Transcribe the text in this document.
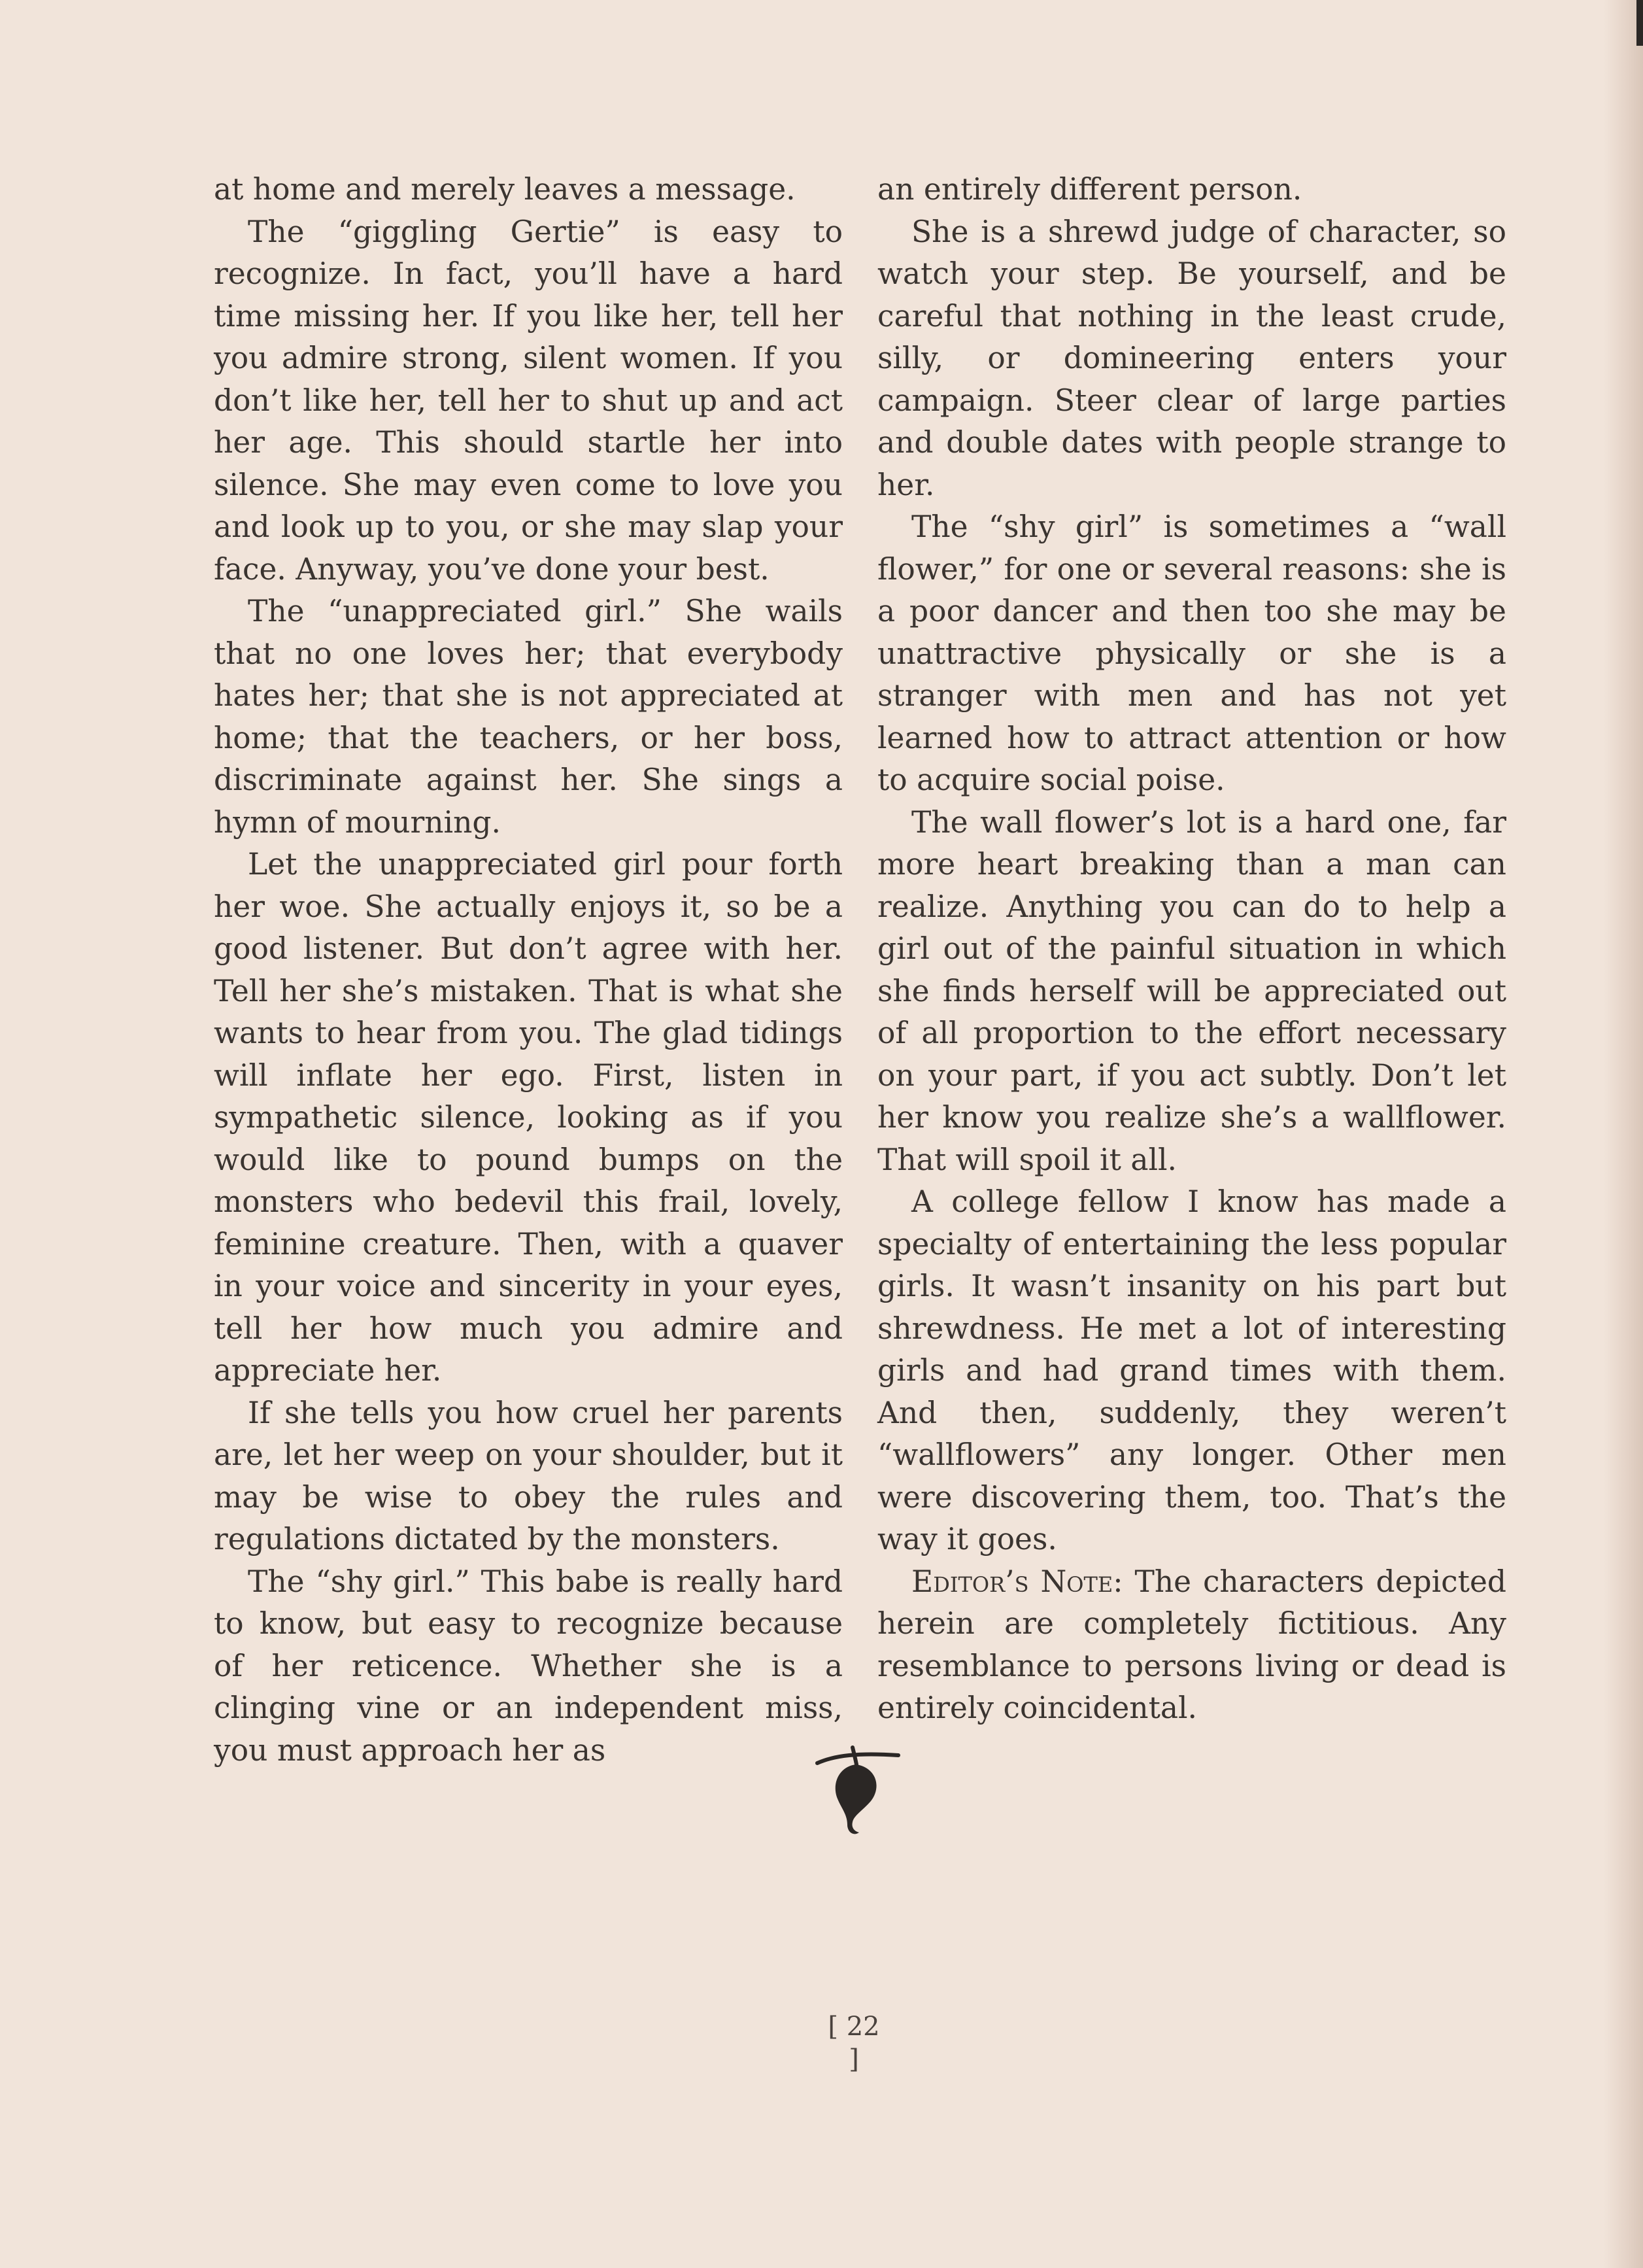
at home and merely leaves a message.

The “giggling Gertie” is easy to recognize. In fact, you’ll have a hard time missing her. If you like her, tell her you admire strong, silent women. If you don’t like her, tell her to shut up and act her age. This should startle her into silence. She may even come to love you and look up to you, or she may slap your face. Anyway, you’ve done your best.

The “unappreciated girl.” She wails that no one loves her; that everybody hates her; that she is not appreciated at home; that the teachers, or her boss, discriminate against her. She sings a hymn of mourning.

Let the unappreciated girl pour forth her woe. She actually enjoys it, so be a good listener. But don’t agree with her. Tell her she’s mistaken. That is what she wants to hear from you. The glad tidings will inflate her ego. First, listen in sympathetic silence, looking as if you would like to pound bumps on the monsters who bedevil this frail, lovely, feminine creature. Then, with a quaver in your voice and sincerity in your eyes, tell her how much you admire and appreciate her.

If she tells you how cruel her parents are, let her weep on your shoulder, but it may be wise to obey the rules and regulations dictated by the monsters.

The “shy girl.” This babe is really hard to know, but easy to recognize because of her reticence. Whether she is a clinging vine or an independent miss, you must approach her as

an entirely different person.

She is a shrewd judge of character, so watch your step. Be yourself, and be careful that nothing in the least crude, silly, or domineering enters your campaign. Steer clear of large parties and double dates with people strange to her.

The “shy girl” is sometimes a “wall flower,” for one or several reasons: she is a poor dancer and then too she may be unattractive physically or she is a stranger with men and has not yet learned how to attract attention or how to acquire social poise.

The wall flower’s lot is a hard one, far more heart breaking than a man can realize. Anything you can do to help a girl out of the painful situation in which she finds herself will be appreciated out of all proportion to the effort necessary on your part, if you act subtly. Don’t let her know you realize she’s a wallflower. That will spoil it all.

A college fellow I know has made a specialty of entertaining the less popular girls. It wasn’t insanity on his part but shrewdness. He met a lot of interesting girls and had grand times with them. And then, suddenly, they weren’t “wallflowers” any longer. Other men were discovering them, too. That’s the way it goes.

Editor’s Note: The characters depicted herein are completely fictitious. Any resemblance to persons living or dead is entirely coincidental.

[ 22 ]
